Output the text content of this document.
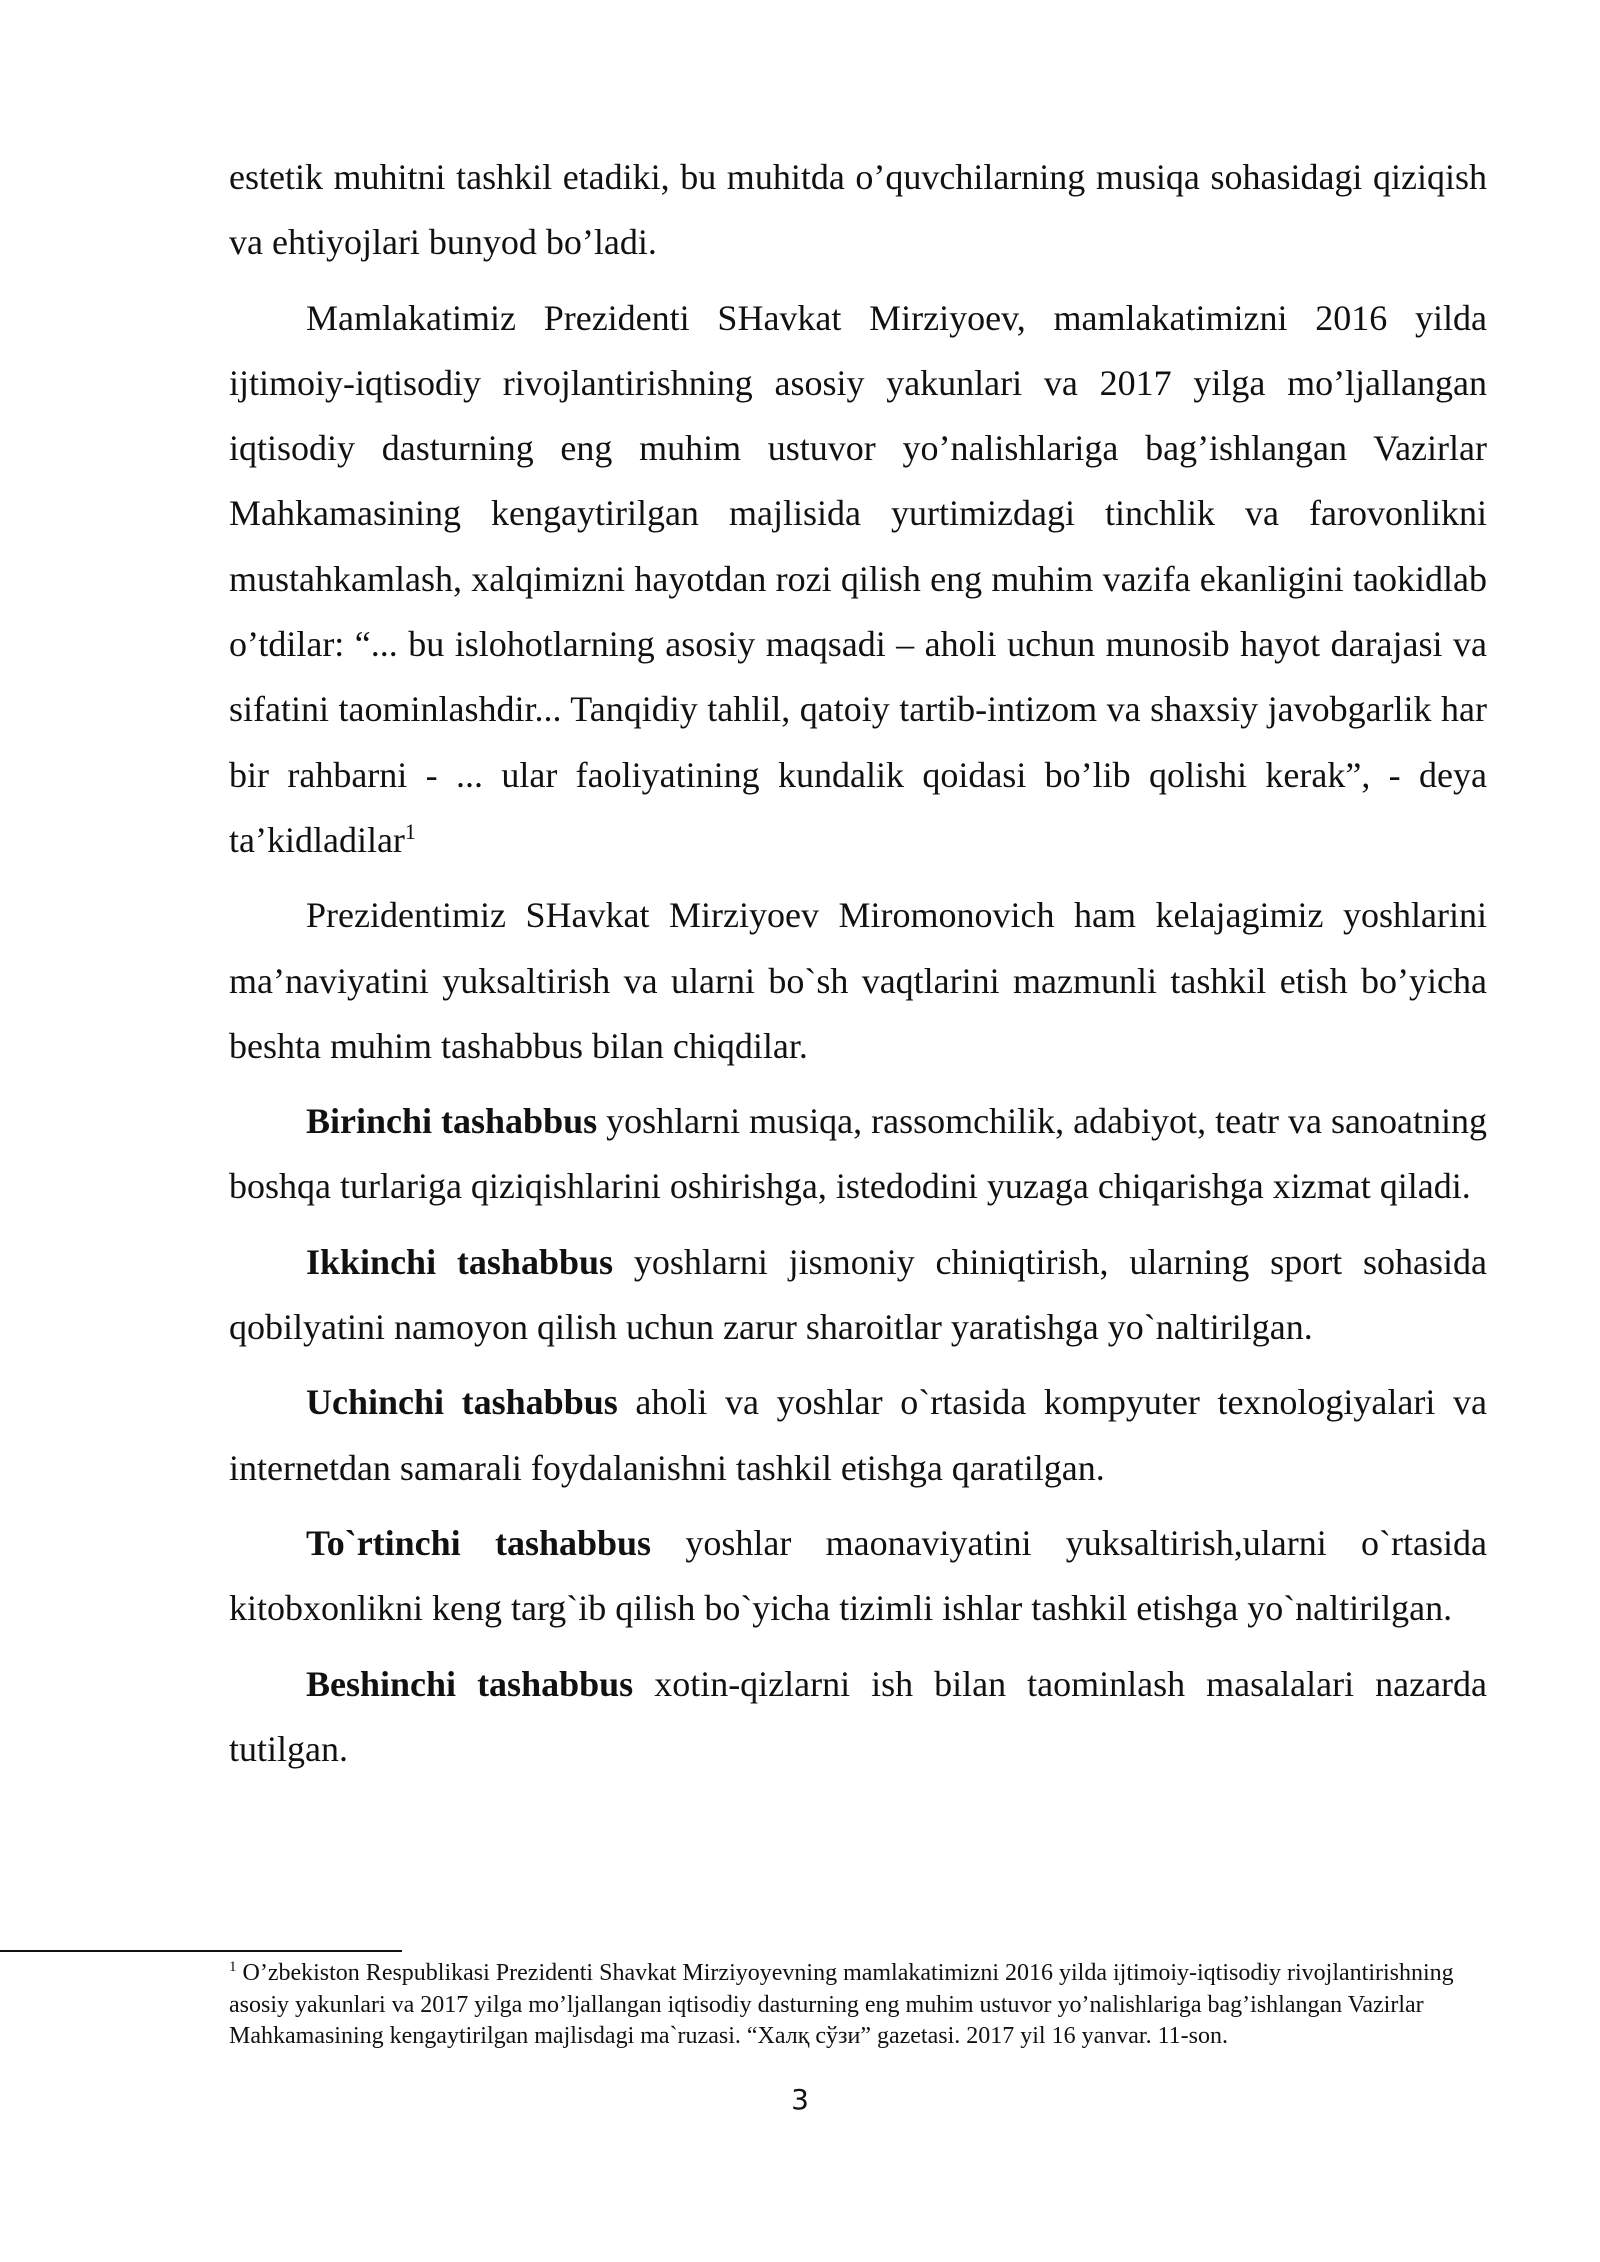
estetik muhitni tashkil etadiki, bu muhitda o’quvchilarning musiqa sohasidagi qiziqish va ehtiyojlari bunyod bo’ladi.

Mamlakatimiz Prezidenti SHavkat Mirziyoev, mamlakatimizni 2016 yilda ijtimoiy-iqtisodiy rivojlantirishning asosiy yakunlari va 2017 yilga mo’ljallangan iqtisodiy dasturning eng muhim ustuvor yo’nalishlariga bag’ishlangan Vazirlar Mahkamasining kengaytirilgan majlisida yurtimizdagi tinchlik va farovonlikni mustahkamlash, xalqimizni hayotdan rozi qilish eng muhim vazifa ekanligini taokidlab o’tdilar: “... bu islohotlarning asosiy maqsadi – aholi uchun munosib hayot darajasi va sifatini taominlashdir... Tanqidiy tahlil, qatoiy tartib-intizom va shaxsiy javobgarlik har bir rahbarni - ... ular faoliyatining kundalik qoidasi bo’lib qolishi kerak”, - deya ta’kidladilar$^1$

Prezidentimiz SHavkat Mirziyoev Miromonovich ham kelajagimiz yoshlarini ma’naviyatini yuksaltirish va ularni bo`sh vaqtlarini mazmunli tashkil etish bo’yicha beshta muhim tashabbus bilan chiqdilar.

Birinchi tashabbus yoshlarni musiqa, rassomchilik, adabiyot, teatr va sanoatning boshqa turlariga qiziqishlarini oshirishga, istedodini yuzaga chiqarishga xizmat qiladi.

Ikkinchi tashabbus yoshlarni jismoniy chiniqtirish, ularning sport sohasida qobilyatini namoyon qilish uchun zarur sharoitlar yaratishga yo`naltirilgan.

Uchinchi tashabbus aholi va yoshlar o`rtasida kompyuter texnologiyalari va internetdan samarali foydalanishni tashkil etishga qaratilgan.

To`rtinchi tashabbus yoshlar maonaviyatini yuksaltirish,ularni o`rtasida kitobxonlikni keng targ`ib qilish bo`yicha tizimli ishlar tashkil etishga yo`naltirilgan.

Beshinchi tashabbus xotin-qizlarni ish bilan taominlash masalalari nazarda tutilgan.

$^1$ O’zbekiston Respublikasi Prezidenti Shavkat Mirziyoyevning mamlakatimizni 2016 yilda ijtimoiy-iqtisodiy rivojlantirishning asosiy yakunlari va 2017 yilga mo’ljallangan iqtisodiy dasturning eng muhim ustuvor yo’nalishlariga bag’ishlangan Vazirlar Mahkamasining kengaytirilgan majlisdagi ma`ruzasi. “Халқ сўзи” gazetasi. 2017 yil 16 yanvar. 11-son.
3
